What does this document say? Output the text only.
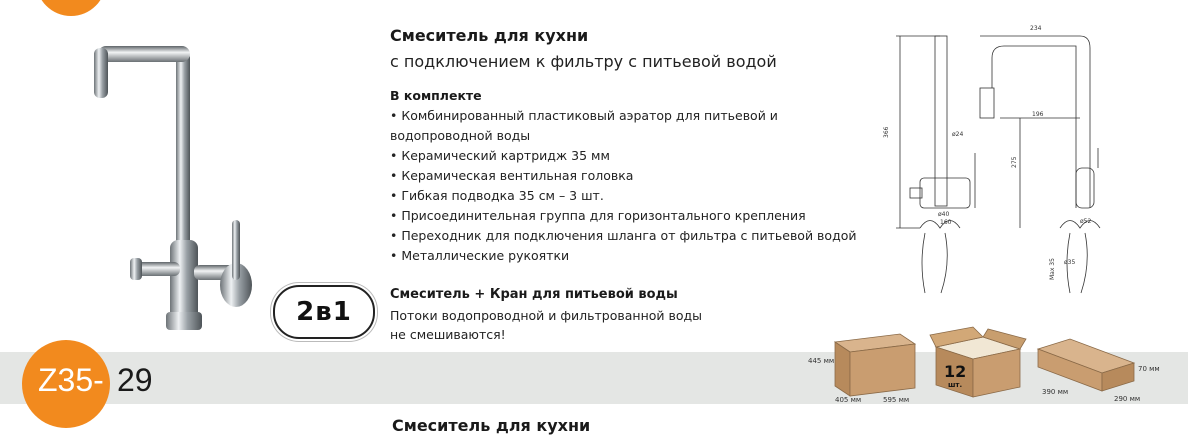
Смеситель для кухни
с подключением к фильтру с питьевой водой
В комплекте
• Комбинированный пластиковый аэратор для питьевой и водопроводной воды
• Керамический картридж 35 мм
• Керамическая вентильная головка
• Гибкая подводка 35 см – 3 шт.
• Присоединительная группа для горизонтального крепления
• Переходник для подключения шланга от фильтра с питьевой водой
• Металлические рукоятки
2в1
Смеситель + Кран для питьевой воды
Потоки водопроводной и фильтрованной воды не смешиваются!
234
366
275
196
ø24
ø40
160	ø52
Max 35 ø35
Z35- 29
Смеситель для кухни
445 мм
405 мм	595 мм
12
шт.
70 мм
390 мм
290 мм
